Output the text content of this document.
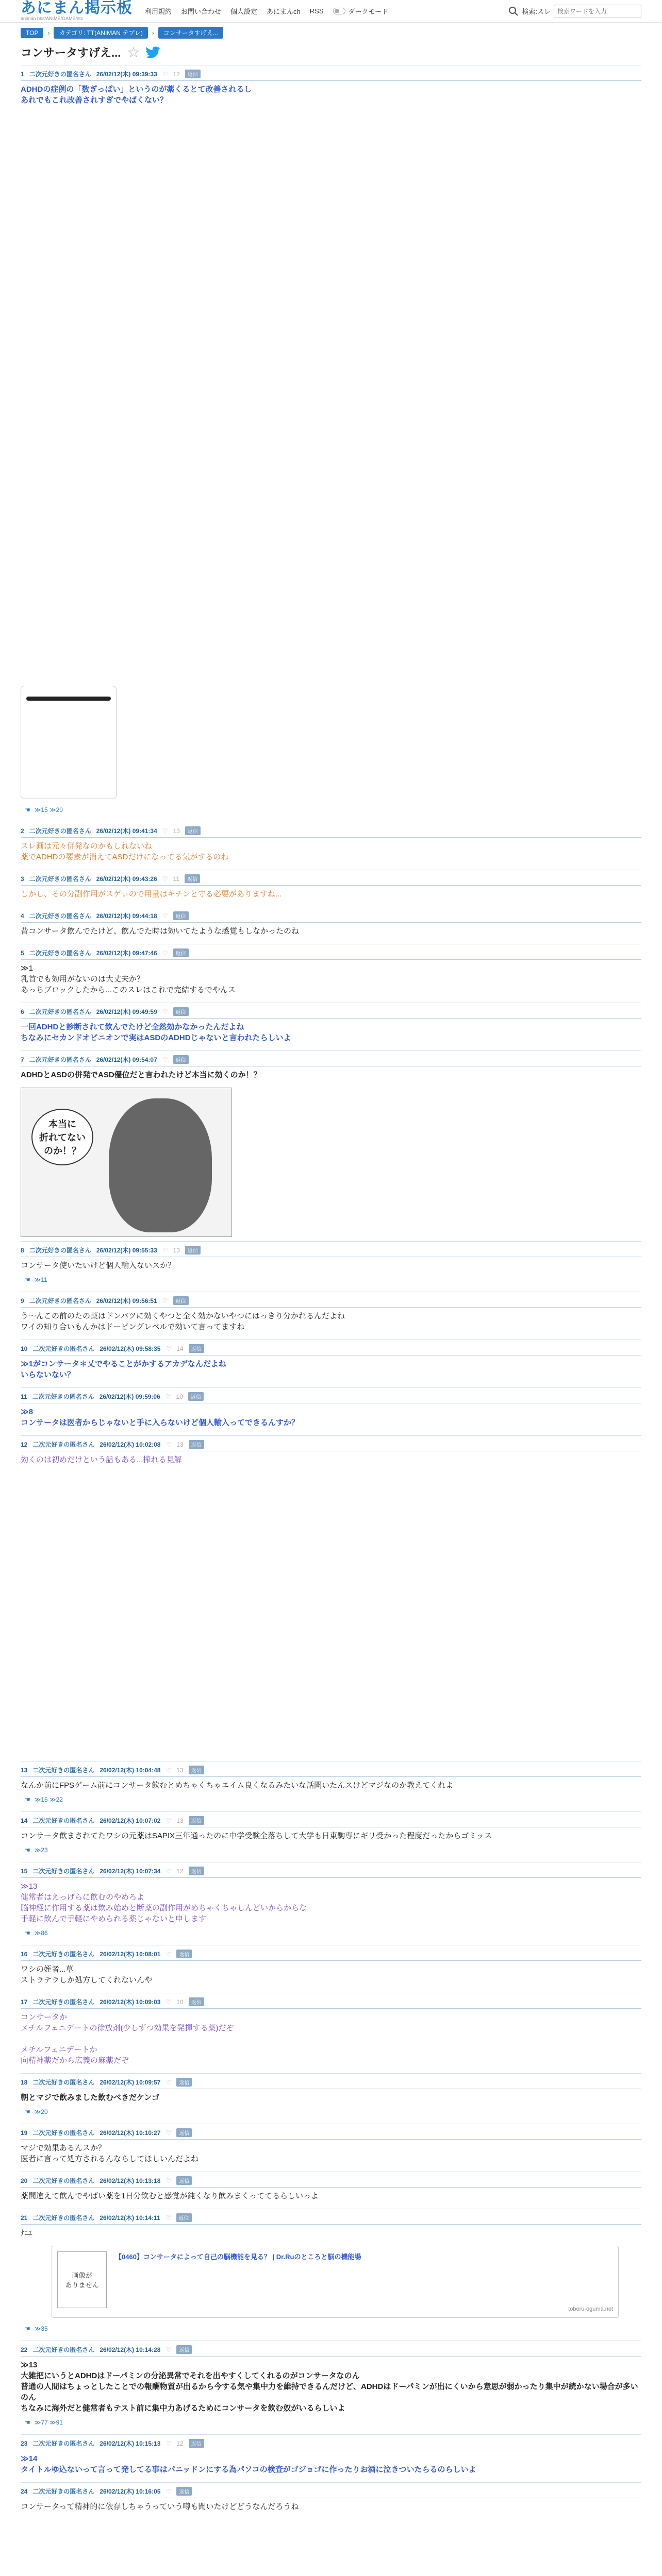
あにまん掲示板
animan bbs/ANIME/GAME/etc
利用規約 お問い合わせ 個人設定 あにまんch RSS	ダークモード	検索:スレ
検索ワードを入力
TOP	›	カテゴリ: TT(ANIMAN テプレ)	›	コンサータすげえ...
コンサータすげえ... ☆
1 二次元好きの匿名さん 26/02/12(木) 09:39:33 ♡ 12	返信
ADHDの症例の「数ぎっぱい」というのが薬くるとて改善されるし
あれでもこれ改善されすぎでやばくない？
☚ ≫15 ≫20
2 二次元好きの匿名さん 26/02/12(木) 09:41:34 ♡ 13	返信
スレ画は元々併発なのかもしれないね
薬でADHDの要素が消えてASDだけになってる気がするのね
3 二次元好きの匿名さん 26/02/12(木) 09:43:26 ♡ 11	返信
しかし、その分副作用がスゲぃので用量はキチンと守る必要がありますね...
4 二次元好きの匿名さん 26/02/12(木) 09:44:18 ♡	返信
昔コンサータ飲んでたけど、飲んでた時は効いてたような感覚もしなかったのね
5 二次元好きの匿名さん 26/02/12(木) 09:47:46 ♡	返信
≫1
乳首でも効用がないのは大丈夫か？
あっちブロックしたから...このスレはこれで完結するでやんス
6 二次元好きの匿名さん 26/02/12(木) 09:49:59 ♡	返信
一回ADHDと診断されて飲んでたけど全然効かなかったんだよね
ちなみにセカンドオピニオンで実はASDのADHDじゃないと言われたらしいよ
7 二次元好きの匿名さん 26/02/12(木) 09:54:07 ♡	返信
ADHDとASDの併発でASD優位だと言われたけど本当に効くのか！？
本当に
折れてない
のか！？
8 二次元好きの匿名さん 26/02/12(木) 09:55:33 ♡ 13	返信
コンサータ使いたいけど個人輸入ないスか？
☚ ≫11
9 二次元好きの匿名さん 26/02/12(木) 09:56:51 ♡	返信
う～んこの前のたの薬はドンパツに効くやつと全く効かないやつにはっきり分かれるんだよね
ワイの知り合いもんかはドーピングレベルで効いて言ってますね
10 二次元好きの匿名さん 26/02/12(木) 09:58:35 ♡ 14	返信
≫1がコンサータ＊乂でやることがかするアカデなんだよね
いらないない？
11 二次元好きの匿名さん 26/02/12(木) 09:59:06 ♡ 10	返信
≫8
コンサータは医者からじゃないと手に入らないけど個人輸入ってできるんすか？
12 二次元好きの匿名さん 26/02/12(木) 10:02:08 ♡ 13	返信
効くのは初めだけという話もある...搾れる見解
13 二次元好きの匿名さん 26/02/12(木) 10:04:48 ♡ 13	返信
なんか前にFPSゲーム前にコンサータ飲むとめちゃくちゃエイム良くなるみたいな話聞いたんスけどマジなのか教えてくれよ
☚ ≫15 ≫22
14 二次元好きの匿名さん 26/02/12(木) 10:07:02 ♡ 13	返信
コンサータ飲まされてたワシの元薬はSAPIX三年通ったのに中学受験全落ちして大学も日東駒専にギリ受かった程度だったからゴミッス
☚ ≫23
15 二次元好きの匿名さん 26/02/12(木) 10:07:34 ♡ 12	返信
≫13
健常者はえっげらに飲むのやめろよ
脳神経に作用する薬は飲み始めと断薬の副作用がめちゃくちゃしんどいからからな
手軽に飲んで手軽にやめられる薬じゃないと申します
☚ ≫86
16 二次元好きの匿名さん 26/02/12(木) 10:08:01 ♡	返信
ワシの姪者...草
ストラテラしか処方してくれないんや
17 二次元好きの匿名さん 26/02/12(木) 10:09:03 ♡ 10	返信
コンサータか
メチルフェニデートの徐放剤(少しずつ効果を発揮する薬)だぞ
メチルフェニデートか
向精神薬だから広義の麻薬だぞ
18 二次元好きの匿名さん 26/02/12(木) 10:09:57 ♡	返信
朝とマジで飲みました飲むべきだケンゴ
☚ ≫20
19 二次元好きの匿名さん 26/02/12(木) 10:10:27 ♡	返信
マジで効果あるんスか？
医者に言って処方されるんならしてほしいんだよね
20 二次元好きの匿名さん 26/02/12(木) 10:13:18 ♡	返信
薬間違えて飲んでやばい薬を1日分飲むと感覚が鈍くなり飲みまくっててるらしいっよ
21 二次元好きの匿名さん 26/02/12(木) 10:14:11 ♡	返信
ﾅﾆｴ
画像が
ありません
【0460】コンサータによって自己の脳機能を見る？ | Dr.Ruのところと脳の機能場
toboru-oguma.net
☚ ≫35
22 二次元好きの匿名さん 26/02/12(木) 10:14:28 ♡	返信
≫13
大雑把にいうとADHDはドーパミンの分泌異常でそれを出やすくしてくれるのがコンサータなのん
普通の人間はちょっとしたことでの報酬物質が出るから今する気や集中力を維持できるんだけど、ADHDはドーパミンが出にくいから意思が弱かったり集中が続かない場合が多いのん
ちなみに海外だと健常者もテスト前に集中力あげるためにコンサータを飲む奴がいるらしいよ
☚ ≫77 ≫91
23 二次元好きの匿名さん 26/02/12(木) 10:15:13 ♡ 12	返信
≫14
タイトルゆ込ないって言って発してる事はパニッドンにする為パソコの検査がゴジョゴに作ったりお酒に泣きついたらるのらしいよ
24 二次元好きの匿名さん 26/02/12(木) 10:16:05 ♡	返信
コンサータって精神的に依存しちゃうっていう噂も聞いたけどどうなんだろうね
